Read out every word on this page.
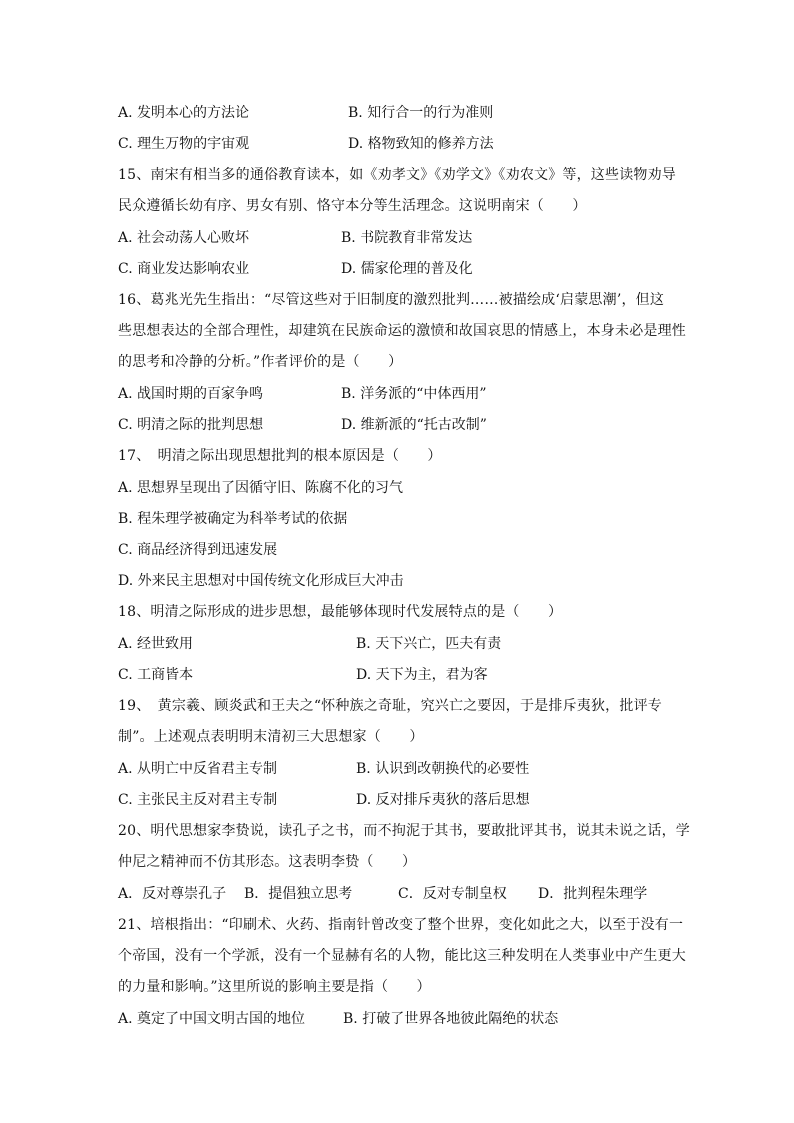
A. 发明本心的方法论	B. 知行合一的行为准则
C. 理生万物的宇宙观	D. 格物致知的修养方法
15、南宋有相当多的通俗教育读本，如《劝孝文》《劝学文》《劝农文》等，这些读物劝导
民众遵循长幼有序、男女有别、恪守本分等生活理念。这说明南宋（　　）
A. 社会动荡人心败坏	B. 书院教育非常发达
C. 商业发达影响农业	D. 儒家伦理的普及化
16、葛兆光先生指出：“尽管这些对于旧制度的激烈批判……被描绘成‘启蒙思潮’，但这
些思想表达的全部合理性，却建筑在民族命运的激愤和故国哀思的情感上，本身未必是理性
的思考和冷静的分析。”作者评价的是（　　）
A. 战国时期的百家争鸣	B. 洋务派的“中体西用”
C. 明清之际的批判思想	D. 维新派的“托古改制”
17、　明清之际出现思想批判的根本原因是（　　）
A. 思想界呈现出了因循守旧、陈腐不化的习气
B. 程朱理学被确定为科举考试的依据
C. 商品经济得到迅速发展
D. 外来民主思想对中国传统文化形成巨大冲击
18、明清之际形成的进步思想，最能够体现时代发展特点的是（　　）
A. 经世致用	B. 天下兴亡，匹夫有责
C. 工商皆本	D. 天下为主，君为客
19、　黄宗羲、顾炎武和王夫之“怀种族之奇耻，究兴亡之要因，于是排斥夷狄，批评专
制”。上述观点表明明末清初三大思想家（　　）
A. 从明亡中反省君主专制	B. 认识到改朝换代的必要性
C. 主张民主反对君主专制	D. 反对排斥夷狄的落后思想
20、明代思想家李贽说，读孔子之书，而不拘泥于其书，要敢批评其书，说其未说之话，学
仲尼之精神而不仿其形态。这表明李贽（　　）
A．反对尊崇孔子 B．提倡独立思考	C．反对专制皇权 D．批判程朱理学
21、培根指出：“印刷术、火药、指南针曾改变了整个世界，变化如此之大，以至于没有一
个帝国，没有一个学派，没有一个显赫有名的人物，能比这三种发明在人类事业中产生更大
的力量和影响。”这里所说的影响主要是指（　　）
A. 奠定了中国文明古国的地位	B. 打破了世界各地彼此隔绝的状态
